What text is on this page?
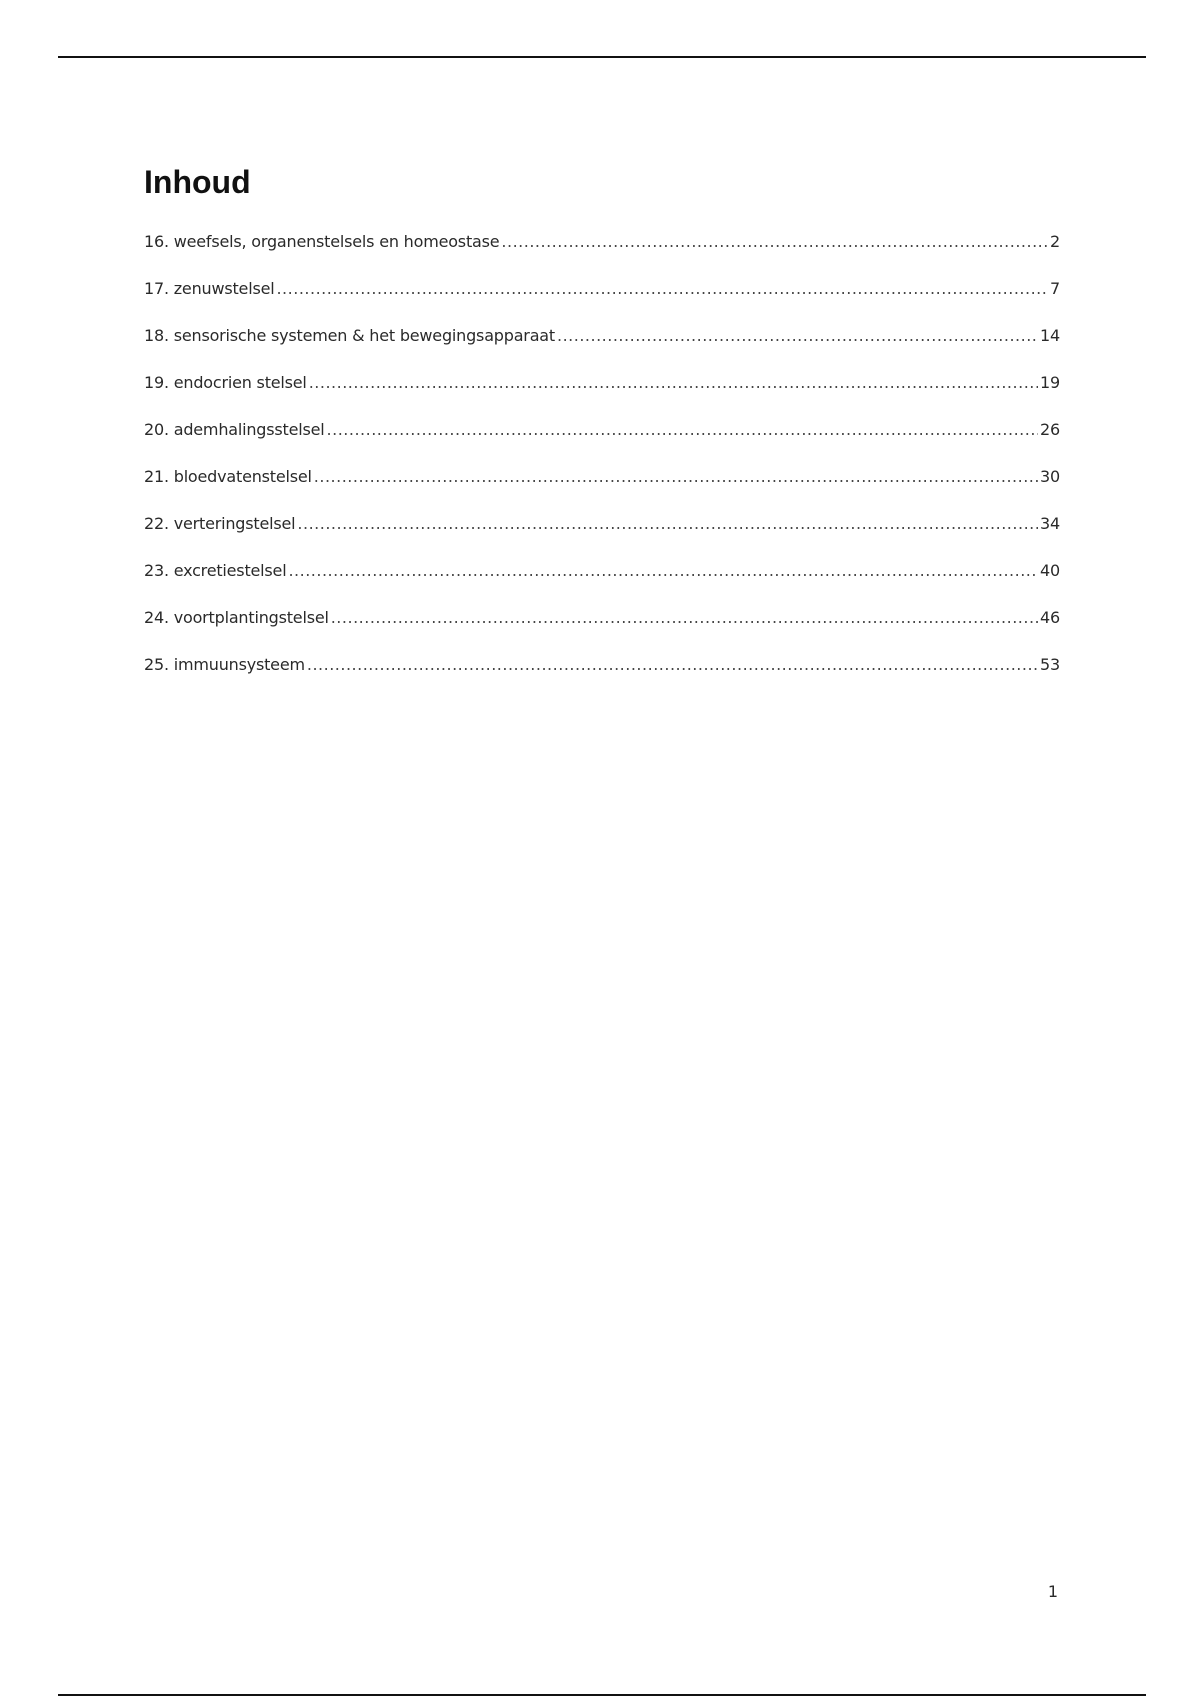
Inhoud
16. weefsels, organenstelsels en homeostase .....	2
17. zenuwstelsel .....	7
18. sensorische systemen & het bewegingsapparaat .....	14
19. endocrien stelsel .....	19
20. ademhalingsstelsel .....	26
21. bloedvatenstelsel .....	30
22. verteringstelsel .....	34
23. excretiestelsel .....	40
24. voortplantingstelsel .....	46
25. immuunsysteem .....	53
1
